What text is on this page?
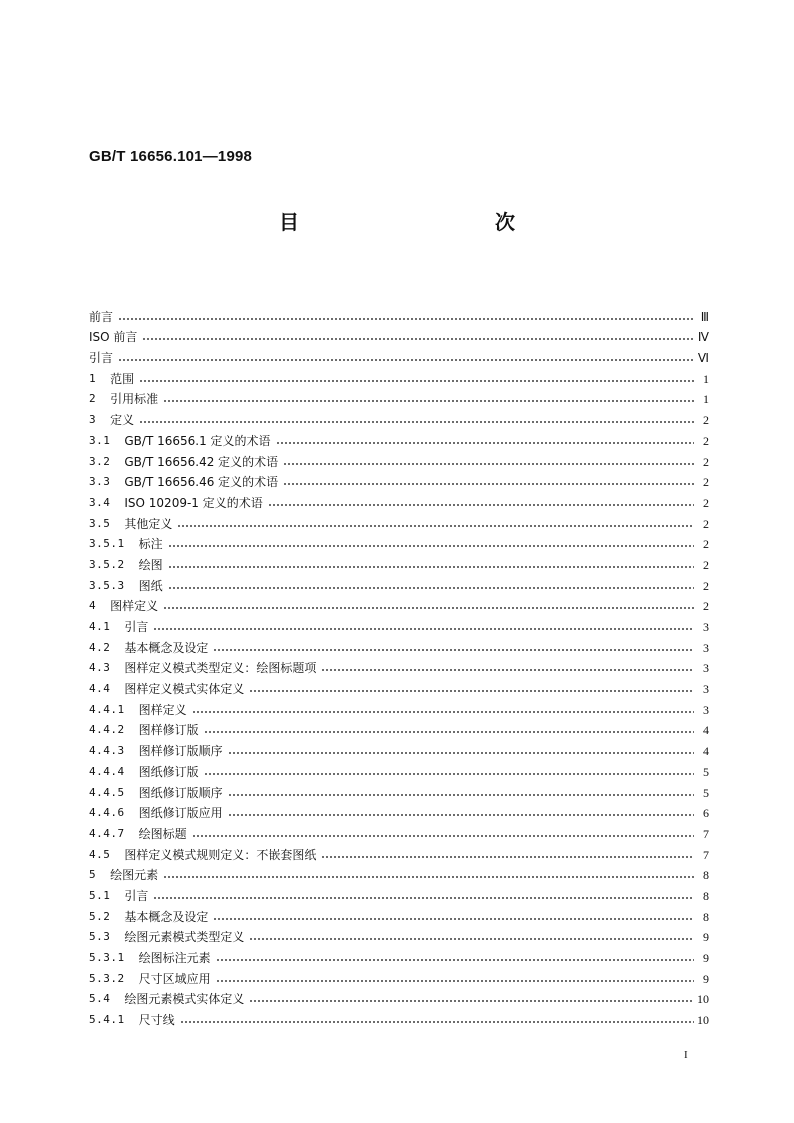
GB/T 16656.101—1998
目　　次
前言	Ⅲ
ISO 前言	Ⅳ
引言	Ⅵ
1 范围	1
2 引用标准	1
3 定义	2
3.1 GB/T 16656.1 定义的术语	2
3.2 GB/T 16656.42 定义的术语	2
3.3 GB/T 16656.46 定义的术语	2
3.4 ISO 10209-1 定义的术语	2
3.5 其他定义	2
3.5.1 标注	2
3.5.2 绘图	2
3.5.3 图纸	2
4 图样定义	2
4.1 引言	3
4.2 基本概念及设定	3
4.3 图样定义模式类型定义：绘图标题项	3
4.4 图样定义模式实体定义	3
4.4.1 图样定义	3
4.4.2 图样修订版	4
4.4.3 图样修订版顺序	4
4.4.4 图纸修订版	5
4.4.5 图纸修订版顺序	5
4.4.6 图纸修订版应用	6
4.4.7 绘图标题	7
4.5 图样定义模式规则定义：不嵌套图纸	7
5 绘图元素	8
5.1 引言	8
5.2 基本概念及设定	8
5.3 绘图元素模式类型定义	9
5.3.1 绘图标注元素	9
5.3.2 尺寸区域应用	9
5.4 绘图元素模式实体定义	10
5.4.1 尺寸线	10
I
